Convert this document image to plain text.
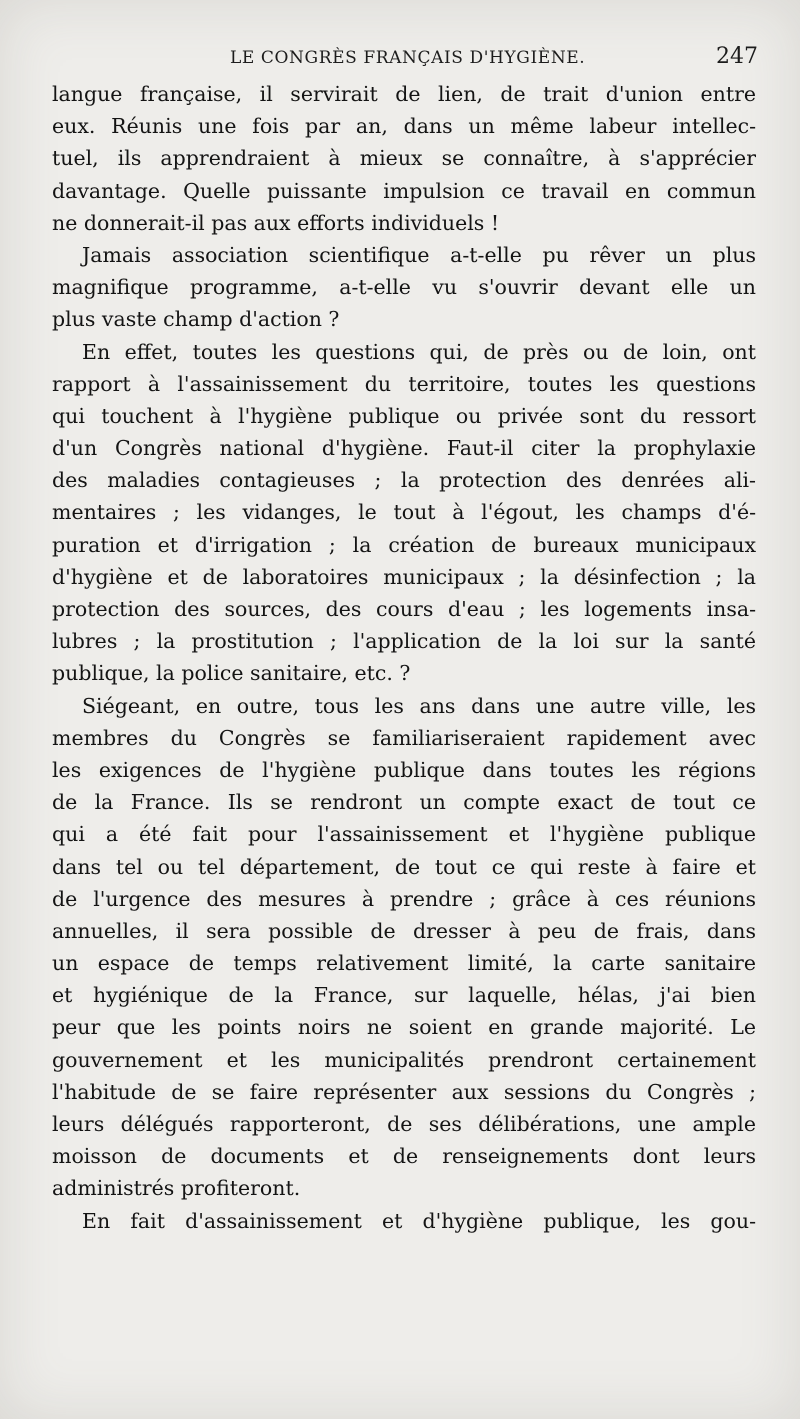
LE CONGRÈS FRANÇAIS D'HYGIÈNE.	247
langue française, il servirait de lien, de trait d'union entre
eux. Réunis une fois par an, dans un même labeur intellec-
tuel, ils apprendraient à mieux se connaître, à s'apprécier
davantage. Quelle puissante impulsion ce travail en commun
ne donnerait-il pas aux efforts individuels !
Jamais association scientifique a-t-elle pu rêver un plus
magnifique programme, a-t-elle vu s'ouvrir devant elle un
plus vaste champ d'action ?
En effet, toutes les questions qui, de près ou de loin, ont
rapport à l'assainissement du territoire, toutes les questions
qui touchent à l'hygiène publique ou privée sont du ressort
d'un Congrès national d'hygiène. Faut-il citer la prophylaxie
des maladies contagieuses ; la protection des denrées ali-
mentaires ; les vidanges, le tout à l'égout, les champs d'é-
puration et d'irrigation ; la création de bureaux municipaux
d'hygiène et de laboratoires municipaux ; la désinfection ; la
protection des sources, des cours d'eau ; les logements insa-
lubres ; la prostitution ; l'application de la loi sur la santé
publique, la police sanitaire, etc. ?
Siégeant, en outre, tous les ans dans une autre ville, les
membres du Congrès se familiariseraient rapidement avec
les exigences de l'hygiène publique dans toutes les régions
de la France. Ils se rendront un compte exact de tout ce
qui a été fait pour l'assainissement et l'hygiène publique
dans tel ou tel département, de tout ce qui reste à faire et
de l'urgence des mesures à prendre ; grâce à ces réunions
annuelles, il sera possible de dresser à peu de frais, dans
un espace de temps relativement limité, la carte sanitaire
et hygiénique de la France, sur laquelle, hélas, j'ai bien
peur que les points noirs ne soient en grande majorité. Le
gouvernement et les municipalités prendront certainement
l'habitude de se faire représenter aux sessions du Congrès ;
leurs délégués rapporteront, de ses délibérations, une ample
moisson de documents et de renseignements dont leurs
administrés profiteront.
En fait d'assainissement et d'hygiène publique, les gou-
